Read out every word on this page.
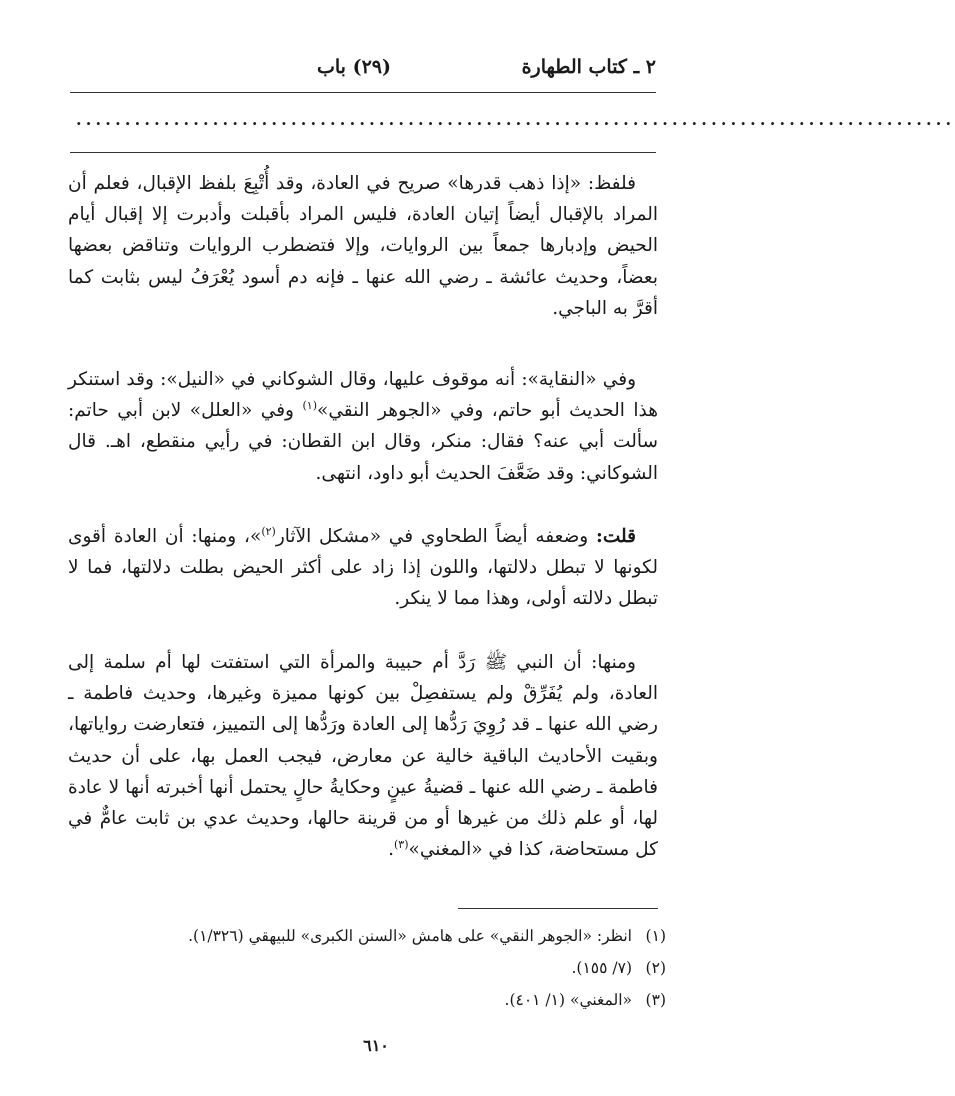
٢ ـ كتاب الطهارة
(٢٩) باب
..........................................................................................
فلفظ: «إذا ذهب قدرها» صريح في العادة، وقد أُتْبِعَ بلفظ الإقبال، فعلم أن المراد بالإقبال أيضاً إتيان العادة، فليس المراد بأقبلت وأدبرت إلا إقبال أيام الحيض وإدبارها جمعاً بين الروايات، وإلا فتضطرب الروايات وتناقض بعضها بعضاً، وحديث عائشة ـ رضي الله عنها ـ فإنه دم أسود يُعْرَفُ ليس بثابت كما أقرَّ به الباجي.
وفي «النقاية»: أنه موقوف عليها، وقال الشوكاني في «النيل»: وقد استنكر هذا الحديث أبو حاتم، وفي «الجوهر النقي»$^{(١)}$ وفي «العلل» لابن أبي حاتم: سألت أبي عنه؟ فقال: منكر، وقال ابن القطان: في رأيي منقطع، اهـ. قال الشوكاني: وقد ضَعَّفَ الحديث أبو داود، انتهى.
قلت: وضعفه أيضاً الطحاوي في «مشكل الآثار$^{(٢)}$»، ومنها: أن العادة أقوى لكونها لا تبطل دلالتها، واللون إذا زاد على أكثر الحيض بطلت دلالتها، فما لا تبطل دلالته أولى، وهذا مما لا ينكر.
ومنها: أن النبي ﷺ رَدَّ أم حبيبة والمرأة التي استفتت لها أم سلمة إلى العادة، ولم يُفَرِّقْ ولم يستفصِلْ بين كونها مميزة وغيرها، وحديث فاطمة ـ رضي الله عنها ـ قد رُوِيَ رَدُّها إلى العادة ورَدُّها إلى التمييز، فتعارضت رواياتها، وبقيت الأحاديث الباقية خالية عن معارض، فيجب العمل بها، على أن حديث فاطمة ـ رضي الله عنها ـ قضيةُ عينٍ وحكايةُ حالٍ يحتمل أنها أخبرته أنها لا عادة لها، أو علم ذلك من غيرها أو من قرينة حالها، وحديث عدي بن ثابت عامٌّ في كل مستحاضة، كذا في «المغني»$^{(٣)}$.
(١)انظر: «الجوهر النقي» على هامش «السنن الكبرى» للبيهقي (١/٣٢٦).
(٢)(٧/ ١٥٥).
(٣)«المغني» (١/ ٤٠١).
٦١٠
